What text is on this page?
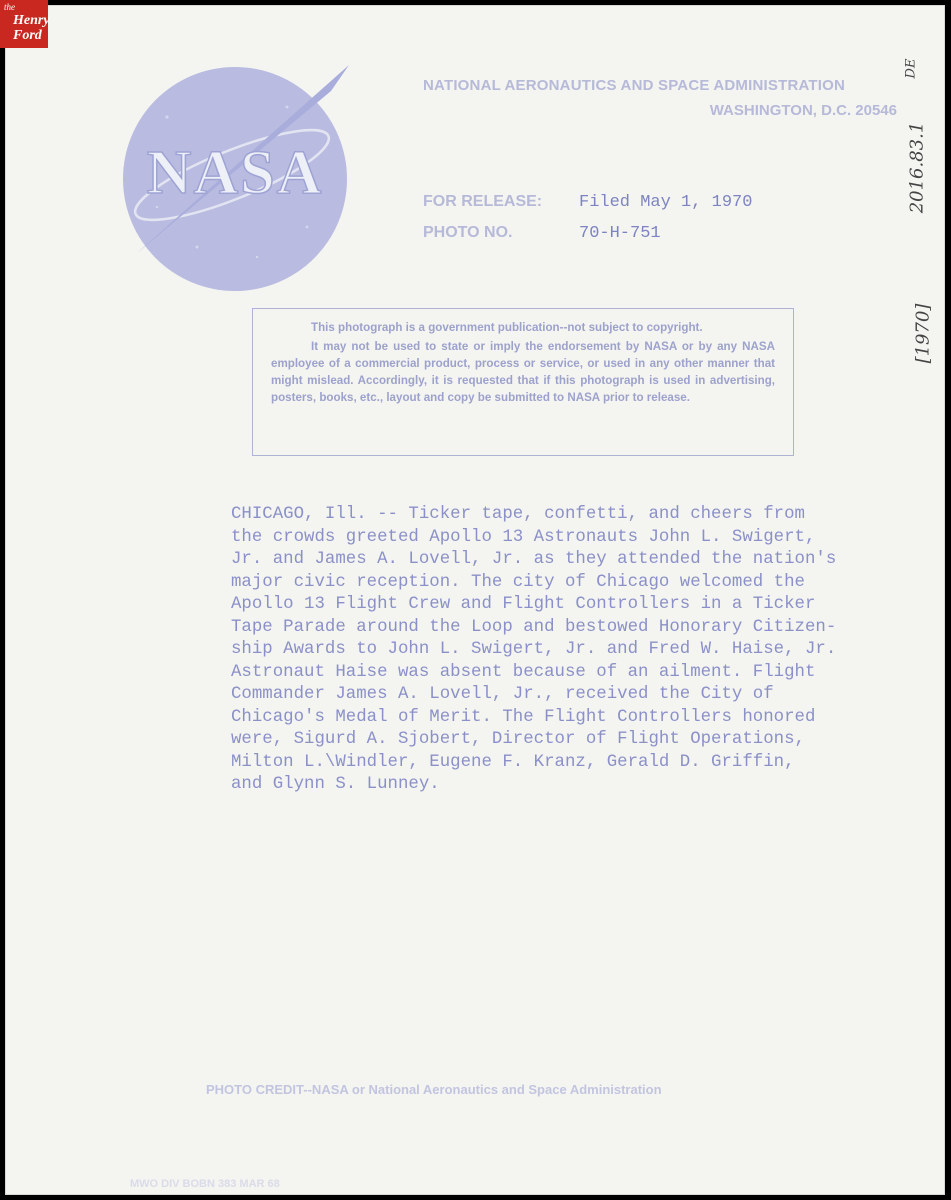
NASA
NATIONAL AERONAUTICS AND SPACE ADMINISTRATION
WASHINGTON, D.C. 20546
FOR RELEASE: Filed May 1, 1970
PHOTO NO.	70-H-751
DE
2016.83.1
[1970]

This photograph is a government publication--not subject to copyright.

It may not be used to state or imply the endorsement by NASA or by any NASA employee of a commercial product, process or service, or used in any other manner that might mislead. Accordingly, it is requested that if this photograph is used in advertising, posters, books, etc., layout and copy be submitted to NASA prior to release.

CHICAGO, Ill. -- Ticker tape, confetti, and cheers from
the crowds greeted Apollo 13 Astronauts John L. Swigert,
Jr. and James A. Lovell, Jr. as they attended the nation's
major civic reception. The city of Chicago welcomed the
Apollo 13 Flight Crew and Flight Controllers in a Ticker
Tape Parade around the Loop and bestowed Honorary Citizen-
ship Awards to John L. Swigert, Jr. and Fred W. Haise, Jr.
Astronaut Haise was absent because of an ailment. Flight
Commander James A. Lovell, Jr., received the City of
Chicago's Medal of Merit. The Flight Controllers honored
were, Sigurd A. Sjobert, Director of Flight Operations,
Milton L.\Windler, Eugene F. Kranz, Gerald D. Griffin,
and Glynn S. Lunney.
PHOTO CREDIT--NASA or National Aeronautics and Space Administration
MWO DIV BOBN 383 MAR 68
the
Henry
Ford
